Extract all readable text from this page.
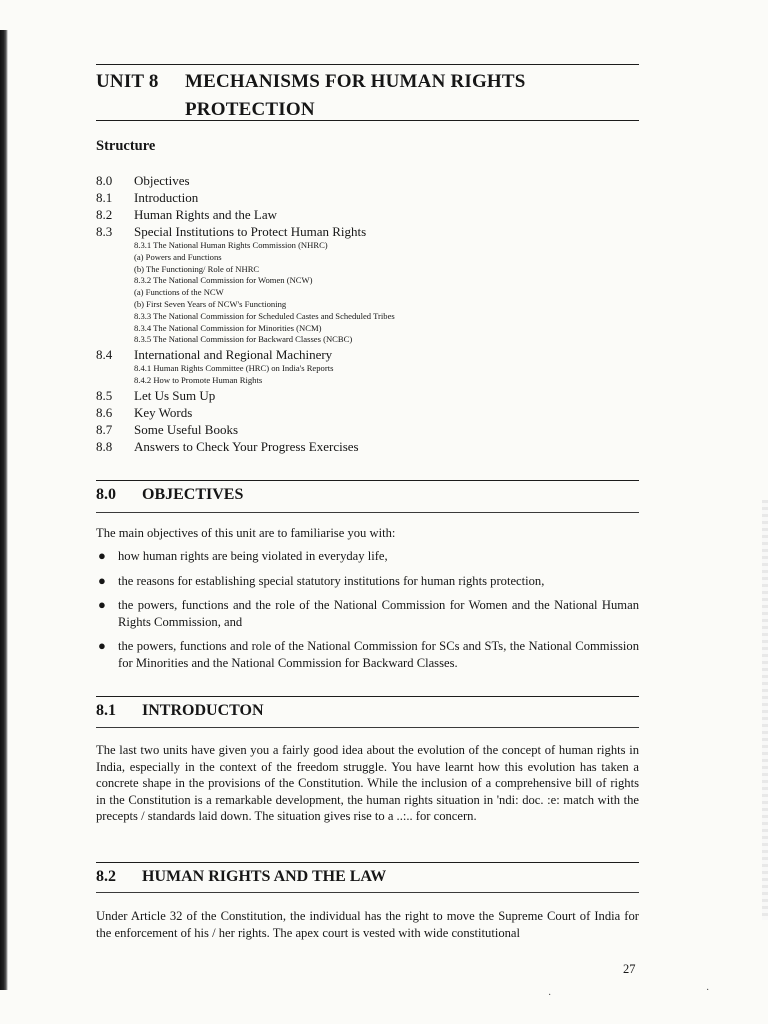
UNIT 8 MECHANISMS FOR HUMAN RIGHTS PROTECTION
Structure
8.0 Objectives
8.1 Introduction
8.2 Human Rights and the Law
8.3 Special Institutions to Protect Human Rights
8.3.1 The National Human Rights Commission (NHRC)
(a) Powers and Functions
(b) The Functioning/ Role of NHRC
8.3.2 The National Commission for Women (NCW)
(a) Functions of the NCW
(b) First Seven Years of NCW's Functioning
8.3.3 The National Commission for Scheduled Castes and Scheduled Tribes
8.3.4 The National Commission for Minorities (NCM)
8.3.5 The National Commission for Backward Classes (NCBC)
8.4 International and Regional Machinery
8.4.1 Human Rights Committee (HRC) on India's Reports
8.4.2 How to Promote Human Rights
8.5 Let Us Sum Up
8.6 Key Words
8.7 Some Useful Books
8.8 Answers to Check Your Progress Exercises
8.0 OBJECTIVES
The main objectives of this unit are to familiarise you with:
● how human rights are being violated in everyday life,
● the reasons for establishing special statutory institutions for human rights protection,
● the powers, functions and the role of the National Commission for Women and the National Human Rights Commission, and
● the powers, functions and role of the National Commission for SCs and STs, the National Commission for Minorities and the National Commission for Backward Classes.
8.1 INTRODUCTON
The last two units have given you a fairly good idea about the evolution of the concept of human rights in India, especially in the context of the freedom struggle. You have learnt how this evolution has taken a concrete shape in the provisions of the Constitution. While the inclusion of a comprehensive bill of rights in the Constitution is a remarkable development, the human rights situation in 'ndi: doc. :e: match with the precepts / standards laid down. The situation gives rise to a ..:.. for concern.
8.2 HUMAN RIGHTS AND THE LAW
Under Article 32 of the Constitution, the individual has the right to move the Supreme Court of India for the enforcement of his / her rights. The apex court is vested with wide constitutional
27
·	·
